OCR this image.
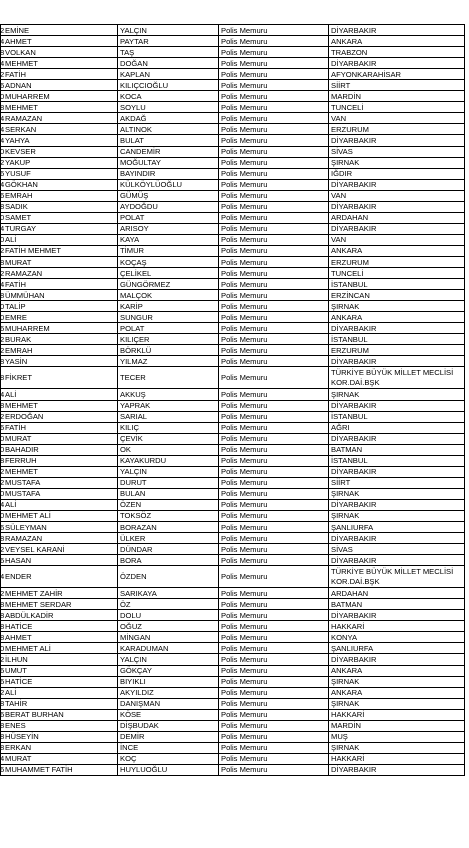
2EMİNE	YALÇIN	Polis Memuru	DİYARBAKIR
4AHMET	PAYTAR	Polis Memuru	ANKARA
8VOLKAN	TAŞ	Polis Memuru	TRABZON
4MEHMET	DOĞAN	Polis Memuru	DİYARBAKIR
2FATİH	KAPLAN	Polis Memuru	AFYONKARAHİSAR
6ADNAN	KILIÇCIOĞLU	Polis Memuru	SİİRT
0MUHARREM	KOCA	Polis Memuru	MARDİN
8MEHMET	SOYLU	Polis Memuru	TUNCELİ
4RAMAZAN	AKDAĞ	Polis Memuru	VAN
4SERKAN	ALTINOK	Polis Memuru	ERZURUM
4YAHYA	BULAT	Polis Memuru	DİYARBAKIR
0KEVSER	CANDEMİR	Polis Memuru	SİVAS
2YAKUP	MOĞULTAY	Polis Memuru	ŞIRNAK
6YUSUF	BAYINDIR	Polis Memuru	IĞDIR
4GÖKHAN	KÜLKÖYLÜOĞLU	Polis Memuru	DİYARBAKIR
6EMRAH	GÜMÜŞ	Polis Memuru	VAN
8SADIK	AYDOĞDU	Polis Memuru	DİYARBAKIR
0SAMET	POLAT	Polis Memuru	ARDAHAN
4TURGAY	ARISOY	Polis Memuru	DİYARBAKIR
0ALİ	KAYA	Polis Memuru	VAN
2FATİH MEHMET	TİMUR	Polis Memuru	ANKARA
8MURAT	KOÇAŞ	Polis Memuru	ERZURUM
2RAMAZAN	ÇELİKEL	Polis Memuru	TUNCELİ
4FATİH	GÜNGÖRMEZ	Polis Memuru	İSTANBUL
8ÜMMÜHAN	MALÇOK	Polis Memuru	ERZİNCAN
0TALİP	KARİP	Polis Memuru	ŞIRNAK
0EMRE	SUNGUR	Polis Memuru	ANKARA
6MUHARREM	POLAT	Polis Memuru	DİYARBAKIR
2BURAK	KILIÇER	Polis Memuru	İSTANBUL
2EMRAH	BÖRKLÜ	Polis Memuru	ERZURUM
8YASİN	YILMAZ	Polis Memuru	DİYARBAKIR
8FİKRET	TECER	Polis Memuru	TÜRKİYE BÜYÜK MİLLET MECLİSİ KOR.DAİ.BŞK
4ALİ	AKKUŞ	Polis Memuru	ŞIRNAK
8MEHMET	YAPRAK	Polis Memuru	DİYARBAKIR
2ERDOĞAN	SARIAL	Polis Memuru	İSTANBUL
6FATİH	KILIÇ	Polis Memuru	AĞRI
0MURAT	ÇEVİK	Polis Memuru	DİYARBAKIR
0BAHADIR	OK	Polis Memuru	BATMAN
8FERRUH	KAYAKURDU	Polis Memuru	İSTANBUL
2MEHMET	YALÇIN	Polis Memuru	DİYARBAKIR
2MUSTAFA	DURUT	Polis Memuru	SİİRT
0MUSTAFA	BULAN	Polis Memuru	ŞIRNAK
4ALİ	ÖZEN	Polis Memuru	DİYARBAKIR
0MEHMET ALİ	TOKSÖZ	Polis Memuru	ŞIRNAK
6SÜLEYMAN	BORAZAN	Polis Memuru	ŞANLIURFA
8RAMAZAN	ÜLKER	Polis Memuru	DİYARBAKIR
2VEYSEL KARANİ	DÜNDAR	Polis Memuru	SİVAS
6HASAN	BORA	Polis Memuru	DİYARBAKIR
4ENDER	ÖZDEN	Polis Memuru	TÜRKİYE BÜYÜK MİLLET MECLİSİ KOR.DAİ.BŞK
2MEHMET ZAHİR	SARIKAYA	Polis Memuru	ARDAHAN
8MEHMET SERDAR	ÖZ	Polis Memuru	BATMAN
8ABDÜLKADİR	DOLU	Polis Memuru	DİYARBAKIR
8HATİCE	OĞUZ	Polis Memuru	HAKKARİ
8AHMET	MİNGAN	Polis Memuru	KONYA
0MEHMET ALİ	KARADUMAN	Polis Memuru	ŞANLIURFA
2İLHUN	YALÇIN	Polis Memuru	DİYARBAKIR
6UMUT	GÖKÇAY	Polis Memuru	ANKARA
6HATİCE	BIYIKLI	Polis Memuru	ŞIRNAK
2ALİ	AKYILDIZ	Polis Memuru	ANKARA
8TAHİR	DANIŞMAN	Polis Memuru	ŞIRNAK
6BERAT BURHAN	KÖSE	Polis Memuru	HAKKARİ
8ENES	DİŞBUDAK	Polis Memuru	MARDİN
8HÜSEYİN	DEMİR	Polis Memuru	MUŞ
8ERKAN	İNCE	Polis Memuru	ŞIRNAK
4MURAT	KOÇ	Polis Memuru	HAKKARİ
6MUHAMMET FATİH	HUYLUOĞLU	Polis Memuru	DİYARBAKIR
